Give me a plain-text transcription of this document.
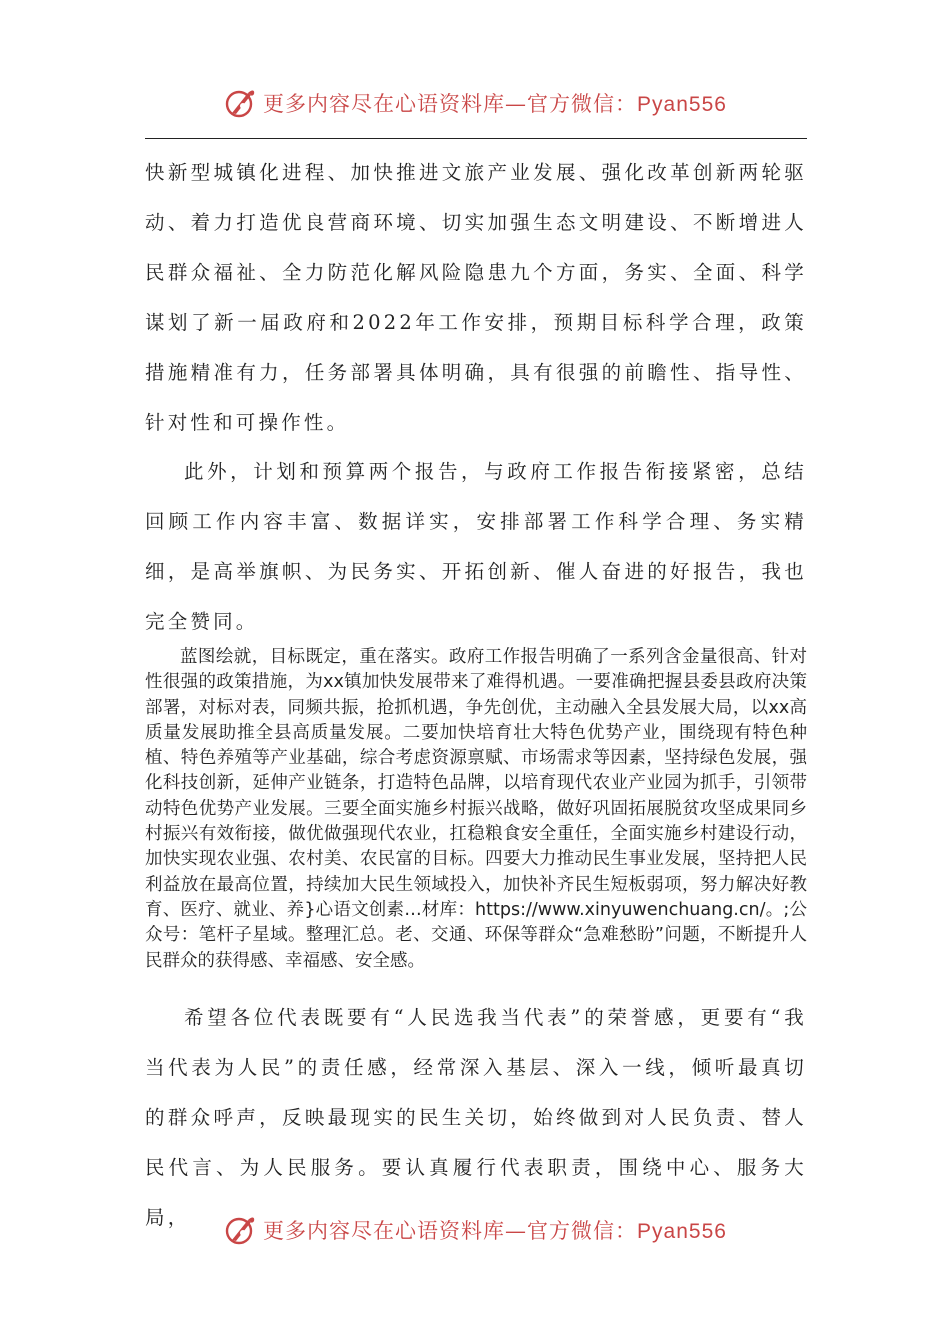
更多内容尽在心语资料库—官方微信：Pyan556

快新型城镇化进程、加快推进文旅产业发展、强化改革创新两轮驱动、着力打造优良营商环境、切实加强生态文明建设、不断增进人民群众福祉、全力防范化解风险隐患九个方面，务实、全面、科学谋划了新一届政府和2022年工作安排，预期目标科学合理，政策措施精准有力，任务部署具体明确，具有很强的前瞻性、指导性、针对性和可操作性。

此外，计划和预算两个报告，与政府工作报告衔接紧密，总结回顾工作内容丰富、数据详实，安排部署工作科学合理、务实精细，是高举旗帜、为民务实、开拓创新、催人奋进的好报告，我也完全赞同。

蓝图绘就，目标既定，重在落实。政府工作报告明确了一系列含金量很高、针对性很强的政策措施，为xx镇加快发展带来了难得机遇。一要准确把握县委县政府决策部署，对标对表，同频共振，抢抓机遇，争先创优，主动融入全县发展大局，以xx高质量发展助推全县高质量发展。二要加快培育壮大特色优势产业，围绕现有特色种植、特色养殖等产业基础，综合考虑资源禀赋、市场需求等因素，坚持绿色发展，强化科技创新，延伸产业链条，打造特色品牌，以培育现代农业产业园为抓手，引领带动特色优势产业发展。三要全面实施乡村振兴战略，做好巩固拓展脱贫攻坚成果同乡村振兴有效衔接，做优做强现代农业，扛稳粮食安全重任，全面实施乡村建设行动，加快实现农业强、农村美、农民富的目标。四要大力推动民生事业发展，坚持把人民利益放在最高位置，持续加大民生领域投入，加快补齐民生短板弱项，努力解决好教育、医疗、就业、养}心语文创素…材库：https://www.xinyuwenchuang.cn/。;公众号：笔杆子星域。整理汇总。老、交通、环保等群众“急难愁盼”问题，不断提升人民群众的获得感、幸福感、安全感。

希望各位代表既要有“人民选我当代表”的荣誉感，更要有“我当代表为人民”的责任感，经常深入基层、深入一线，倾听最真切的群众呼声，反映最现实的民生关切，始终做到对人民负责、替人民代言、为人民服务。要认真履行代表职责，围绕中心、服务大局，

更多内容尽在心语资料库—官方微信：Pyan556
